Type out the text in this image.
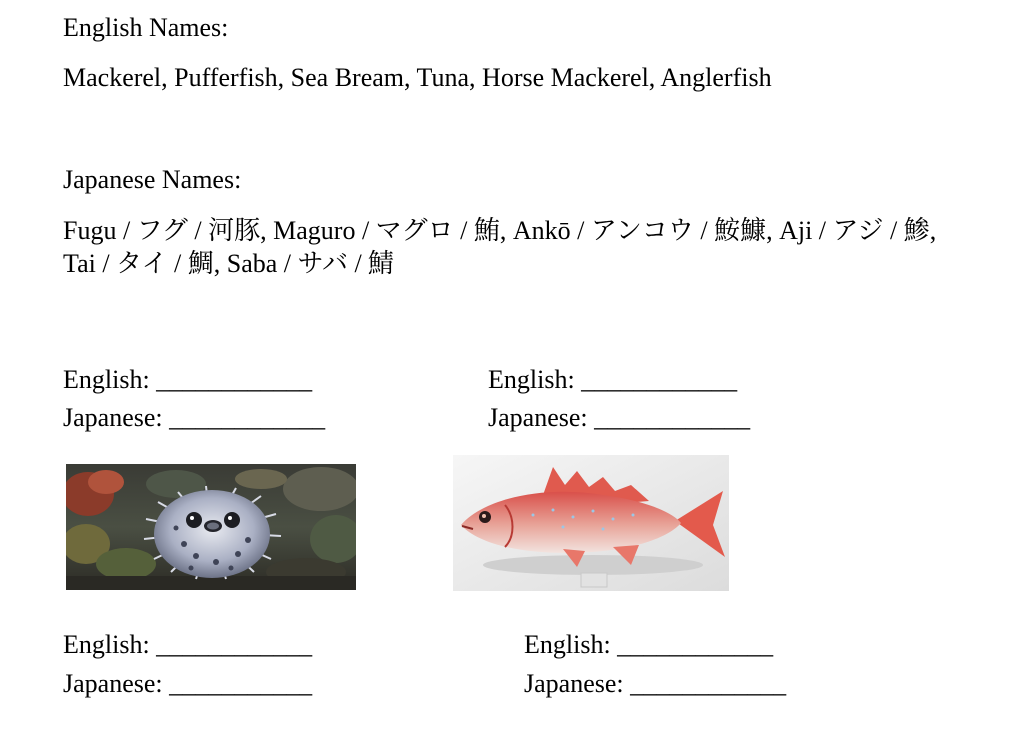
English Names:
Mackerel, Pufferfish, Sea Bream, Tuna, Horse Mackerel, Anglerfish
Japanese Names:
Fugu / フグ / 河豚, Maguro / マグロ / 鮪, Ankō / アンコウ / 鮟鱇, Aji / アジ / 鯵, Tai / タイ / 鯛, Saba / サバ / 鯖
English: ____________
Japanese: ____________
English: ____________
Japanese: ____________
English: ____________
Japanese: ___________
English: ____________
Japanese: ____________
